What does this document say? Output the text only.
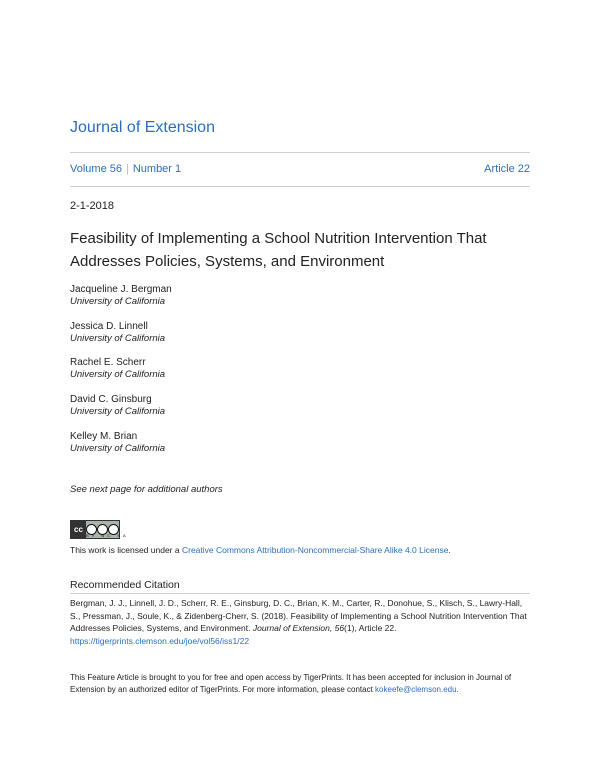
Journal of Extension
Volume 56 | Number 1	Article 22
2-1-2018
Feasibility of Implementing a School Nutrition Intervention That Addresses Policies, Systems, and Environment
Jacqueline J. Bergman
University of California
Jessica D. Linnell
University of California
Rachel E. Scherr
University of California
David C. Ginsburg
University of California
Kelley M. Brian
University of California
See next page for additional authors
cc
BY NC SA
This work is licensed under a Creative Commons Attribution-Noncommercial-Share Alike 4.0 License.
Recommended Citation
Bergman, J. J., Linnell, J. D., Scherr, R. E., Ginsburg, D. C., Brian, K. M., Carter, R., Donohue, S., Klisch, S., Lawry-Hall, S., Pressman, J., Soule, K., & Zidenberg-Cherr, S. (2018). Feasibility of Implementing a School Nutrition Intervention That Addresses Policies, Systems, and Environment. Journal of Extension, 56(1), Article 22. https://tigerprints.clemson.edu/joe/vol56/iss1/22
This Feature Article is brought to you for free and open access by TigerPrints. It has been accepted for inclusion in Journal of Extension by an authorized editor of TigerPrints. For more information, please contact kokeefe@clemson.edu.
